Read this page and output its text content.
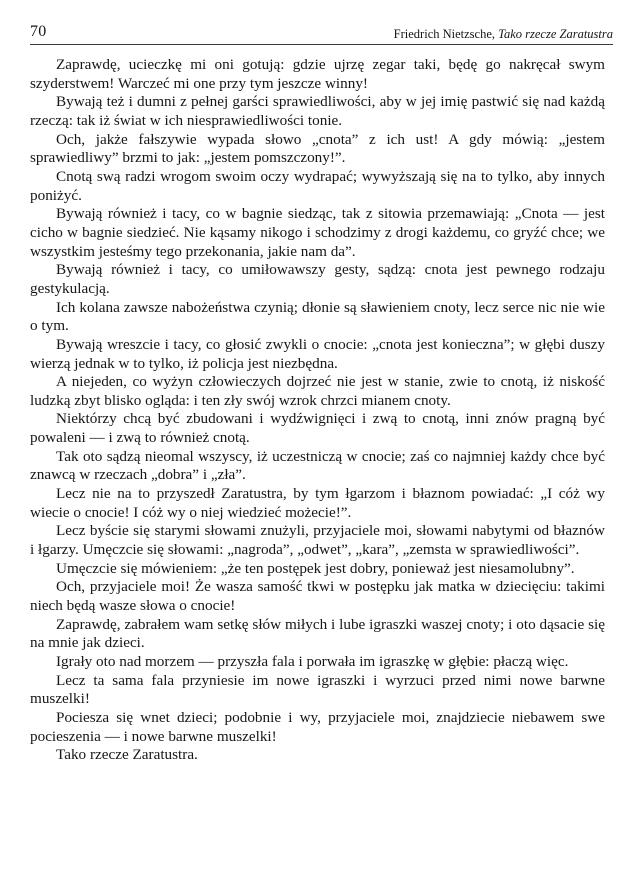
70	Friedrich Nietzsche, Tako rzecze Zaratustra

Zaprawdę, ucieczkę mi oni gotują: gdzie ujrzę zegar taki, będę go nakręcał swym szyderstwem! Warczeć mi one przy tym jeszcze winny!

Bywają też i dumni z pełnej garści sprawiedliwości, aby w jej imię pastwić się nad każdą rzeczą: tak iż świat w ich niesprawiedliwości tonie.

Och, jakże fałszywie wypada słowo „cnota” z ich ust! A gdy mówią: „jestem sprawiedliwy” brzmi to jak: „jestem pomszczony!”.

Cnotą swą radzi wrogom swoim oczy wydrapać; wywyższają się na to tylko, aby innych poniżyć.

Bywają również i tacy, co w bagnie siedząc, tak z sitowia przemawiają: „Cnota — jest cicho w bagnie siedzieć. Nie kąsamy nikogo i schodzimy z drogi każdemu, co gryźć chce; we wszystkim jesteśmy tego przekonania, jakie nam da”.

Bywają również i tacy, co umiłowawszy gesty, sądzą: cnota jest pewnego rodzaju gestykulacją.

Ich kolana zawsze nabożeństwa czynią; dłonie są sławieniem cnoty, lecz serce nic nie wie o tym.

Bywają wreszcie i tacy, co głosić zwykli o cnocie: „cnota jest konieczna”; w głębi duszy wierzą jednak w to tylko, iż policja jest niezbędna.

A niejeden, co wyżyn człowieczych dojrzeć nie jest w stanie, zwie to cnotą, iż niskość ludzką zbyt blisko ogląda: i ten zły swój wzrok chrzci mianem cnoty.

Niektórzy chcą być zbudowani i wydźwignięci i zwą to cnotą, inni znów pragną być powaleni — i zwą to również cnotą.

Tak oto sądzą nieomal wszyscy, iż uczestniczą w cnocie; zaś co najmniej każdy chce być znawcą w rzeczach „dobra” i „zła”.

Lecz nie na to przyszedł Zaratustra, by tym łgarzom i błaznom powiadać: „I cóż wy wiecie o cnocie! I cóż wy o niej wiedzieć możecie!”.

Lecz byście się starymi słowami znużyli, przyjaciele moi, słowami nabytymi od błaznów i łgarzy. Umęczcie się słowami: „nagroda”, „odwet”, „kara”, „zemsta w sprawiedliwości”.

Umęczcie się mówieniem: „że ten postępek jest dobry, ponieważ jest niesamolubny”.

Och, przyjaciele moi! Że wasza samość tkwi w postępku jak matka w dziecięciu: takimi niech będą wasze słowa o cnocie!

Zaprawdę, zabrałem wam setkę słów miłych i lube igraszki waszej cnoty; i oto dąsacie się na mnie jak dzieci.

Igrały oto nad morzem — przyszła fala i porwała im igraszkę w głębie: płaczą więc.

Lecz ta sama fala przyniesie im nowe igraszki i wyrzuci przed nimi nowe barwne muszelki!

Pociesza się wnet dzieci; podobnie i wy, przyjaciele moi, znajdziecie niebawem swe pocieszenia — i nowe barwne muszelki!

Tako rzecze Zaratustra.
